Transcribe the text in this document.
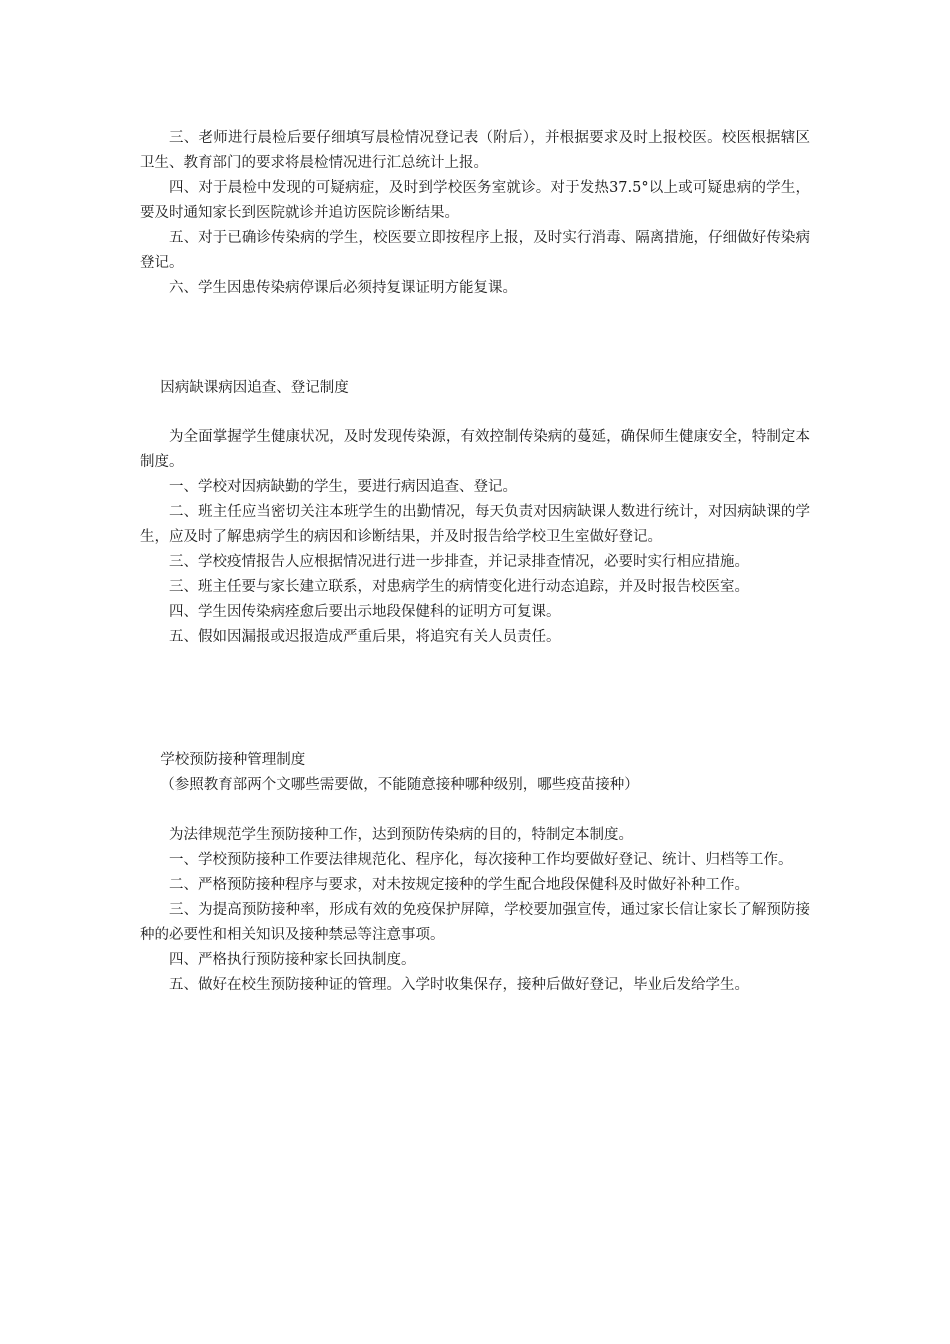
三、老师进行晨检后要仔细填写晨检情况登记表（附后），并根据要求及时上报校医。校医根据辖区卫生、教育部门的要求将晨检情况进行汇总统计上报。

四、对于晨检中发现的可疑病症，及时到学校医务室就诊。对于发热37.5°以上或可疑患病的学生，要及时通知家长到医院就诊并追访医院诊断结果。

五、对于已确诊传染病的学生，校医要立即按程序上报，及时实行消毒、隔离措施，仔细做好传染病登记。

六、学生因患传染病停课后必须持复课证明方能复课。

因病缺课病因追查、登记制度

为全面掌握学生健康状况，及时发现传染源，有效控制传染病的蔓延，确保师生健康安全，特制定本制度。

一、学校对因病缺勤的学生，要进行病因追查、登记。

二、班主任应当密切关注本班学生的出勤情况，每天负责对因病缺课人数进行统计，对因病缺课的学生，应及时了解患病学生的病因和诊断结果，并及时报告给学校卫生室做好登记。

三、学校疫情报告人应根据情况进行进一步排查，并记录排查情况，必要时实行相应措施。

三、班主任要与家长建立联系，对患病学生的病情变化进行动态追踪，并及时报告校医室。

四、学生因传染病痊愈后要出示地段保健科的证明方可复课。

五、假如因漏报或迟报造成严重后果，将追究有关人员责任。

学校预防接种管理制度

（参照教育部两个文哪些需要做，不能随意接种哪种级别，哪些疫苗接种）

为法律规范学生预防接种工作，达到预防传染病的目的，特制定本制度。

一、学校预防接种工作要法律规范化、程序化，每次接种工作均要做好登记、统计、归档等工作。

二、严格预防接种程序与要求，对未按规定接种的学生配合地段保健科及时做好补种工作。

三、为提高预防接种率，形成有效的免疫保护屏障，学校要加强宣传，通过家长信让家长了解预防接种的必要性和相关知识及接种禁忌等注意事项。

四、严格执行预防接种家长回执制度。

五、做好在校生预防接种证的管理。入学时收集保存，接种后做好登记，毕业后发给学生。
